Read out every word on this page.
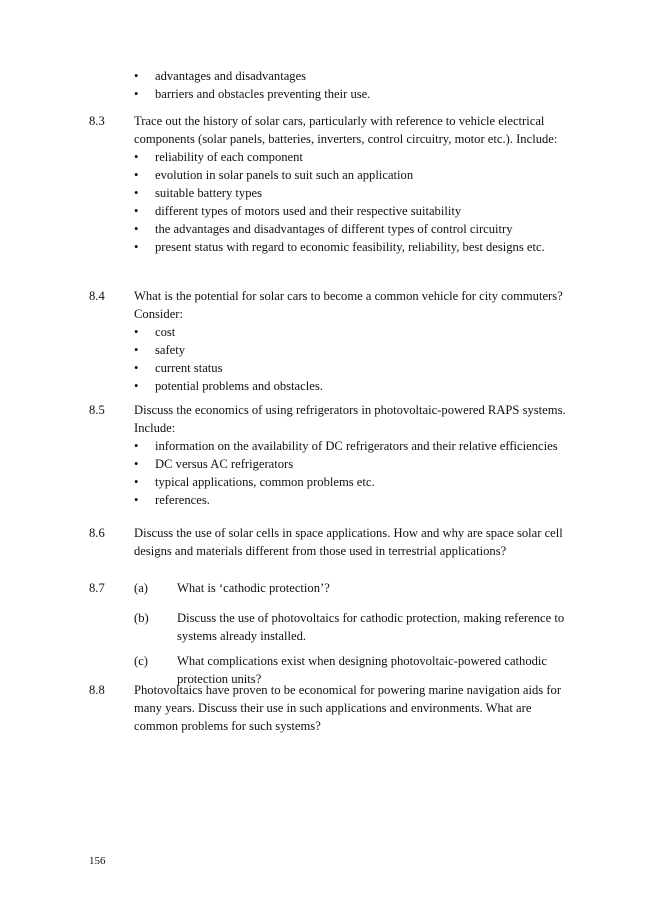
• advantages and disadvantages
• barriers and obstacles preventing their use.
8.3	Trace out the history of solar cars, particularly with reference to vehicle electrical components (solar panels, batteries, inverters, control circuitry, motor etc.). Include:

• reliability of each component
• evolution in solar panels to suit such an application
• suitable battery types
• different types of motors used and their respective suitability
• the advantages and disadvantages of different types of control circuitry
• present status with regard to economic feasibility, reliability, best designs etc.
8.4	What is the potential for solar cars to become a common vehicle for city commuters? Consider:

• cost
• safety
• current status
• potential problems and obstacles.
8.5	Discuss the economics of using refrigerators in photovoltaic-powered RAPS systems. Include:

• information on the availability of DC refrigerators and their relative efficiencies
• DC versus AC refrigerators
• typical applications, common problems etc.
• references.
8.6	Discuss the use of solar cells in space applications. How and why are space solar cell designs and materials different from those used in terrestrial applications?

8.7	(a) What is ‘cathodic protection’?
(b) Discuss the use of photovoltaics for cathodic protection, making reference to systems already installed.
(c) What complications exist when designing photovoltaic-powered cathodic protection units?
8.8	Photovoltaics have proven to be economical for powering marine navigation aids for many years. Discuss their use in such applications and environments. What are common problems for such systems?

156
